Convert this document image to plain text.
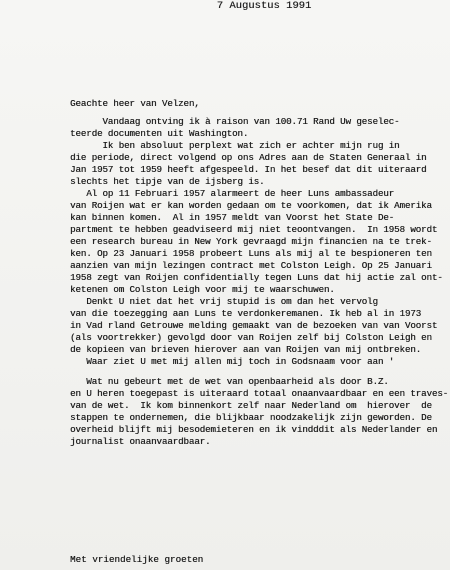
7 Augustus 1991
Geachte heer van Velzen,
Vandaag ontving ik à raison van 100.71 Rand Uw geselec-
teerde documenten uit Washington.
Ik ben absoluut perplext wat zich er achter mijn rug in
die periode, direct volgend op ons Adres aan de Staten Generaal in
Jan 1957 tot 1959 heeft afgespeeld. In het besef dat dit uiteraard
slechts het tipje van de ijsberg is.
Al op 11 Februari 1957 alarmeert de heer Luns ambassadeur
van Roijen wat er kan worden gedaan om te voorkomen, dat ik Amerika
kan binnen komen.  Al in 1957 meldt van Voorst het State De-
partment te hebben geadviseerd mij niet teoontvangen.  In 1958 wordt
een research bureau in New York gevraagd mijn financien na te trek-
ken. Op 23 Januari 1958 probeert Luns als mij al te bespioneren ten
aanzien van mijn lezingen contract met Colston Leigh. Op 25 Januari
1958 zegt van Roijen confidentially tegen Luns dat hij actie zal ont-
ketenen om Colston Leigh voor mij te waarschuwen.
Denkt U niet dat het vrij stupid is om dan het vervolg
van die toezegging aan Luns te verdonkeremanen. Ik heb al in 1973
in Vad rland Getrouwe melding gemaakt van de bezoeken van van Voorst
(als voortrekker) gevolgd door van Roijen zelf bij Colston Leigh en
de kopieen van brieven hierover aan van Roijen van mij ontbreken.
Waar ziet U met mij allen mij toch in Godsnaam voor aan '
Wat nu gebeurt met de wet van openbaarheid als door B.Z.
en U heren toegepast is uiteraard totaal onaanvaardbaar en een traves-
van de wet.  Ik kom binnenkort zelf naar Nederland om  hierover  de
stappen te ondernemen, die blijkbaar noodzakelijk zijn geworden. De
overheid blijft mij besodemieteren en ik vindddit als Nederlander en
journalist onaanvaardbaar.
Met vriendelijke groeten
